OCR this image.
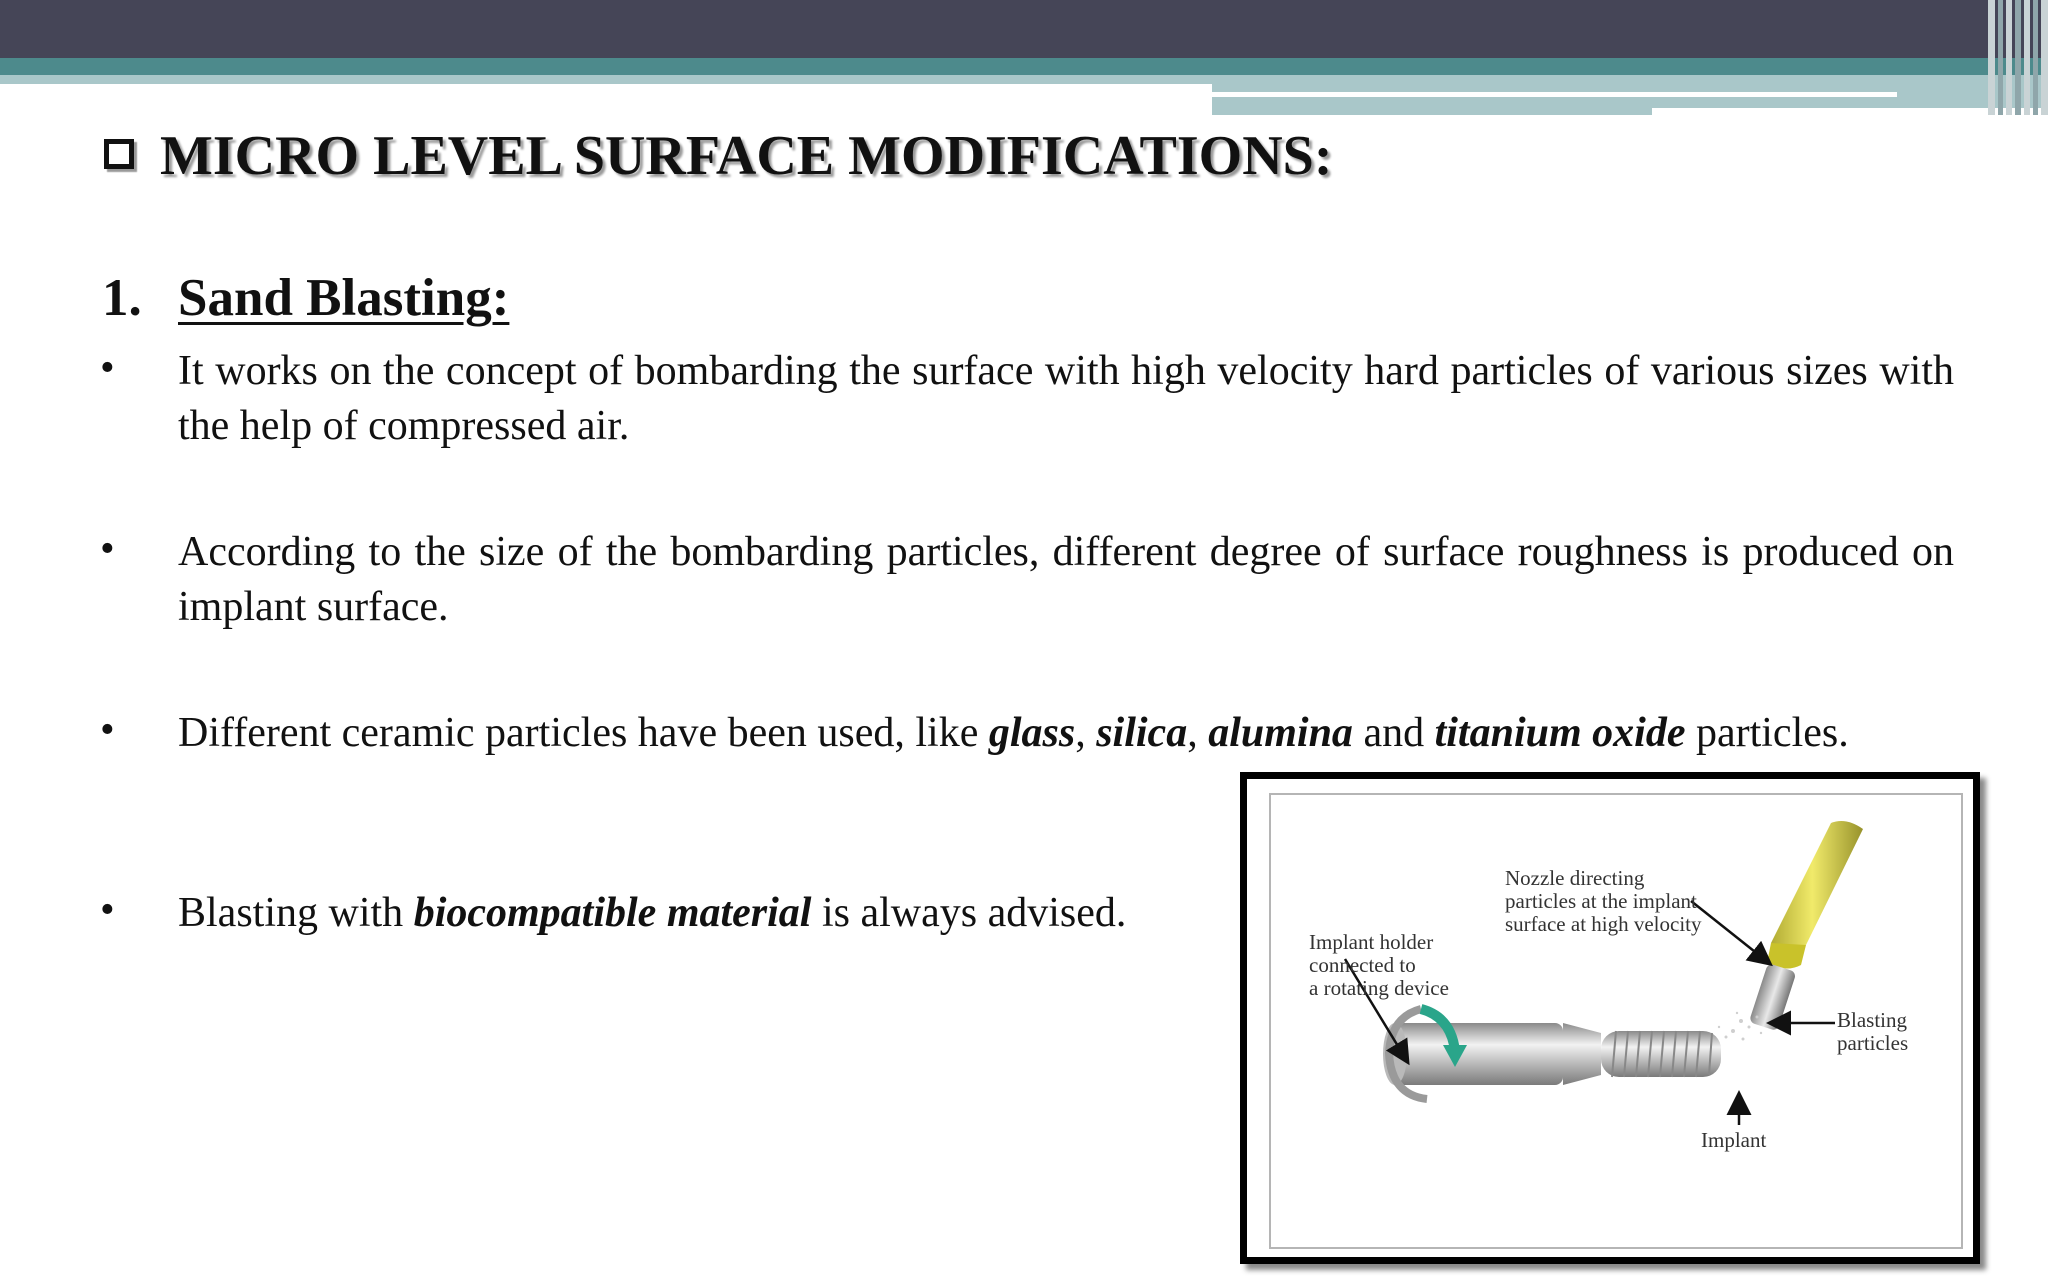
MICRO LEVEL SURFACE MODIFICATIONS:
1. Sand Blasting:
• It works on the concept of bombarding the surface with high velocity hard particles of various sizes with the help of compressed air.
• According to the size of the bombarding particles, different degree of surface roughness is produced on implant surface.
• Different ceramic particles have been used, like glass, silica, alumina and titanium oxide particles.
• Blasting with biocompatible material is always advised.
Nozzle directing
particles at the implant
surface at high velocity
Implant holder
connected to
a rotating device
Blasting
particles
Implant
